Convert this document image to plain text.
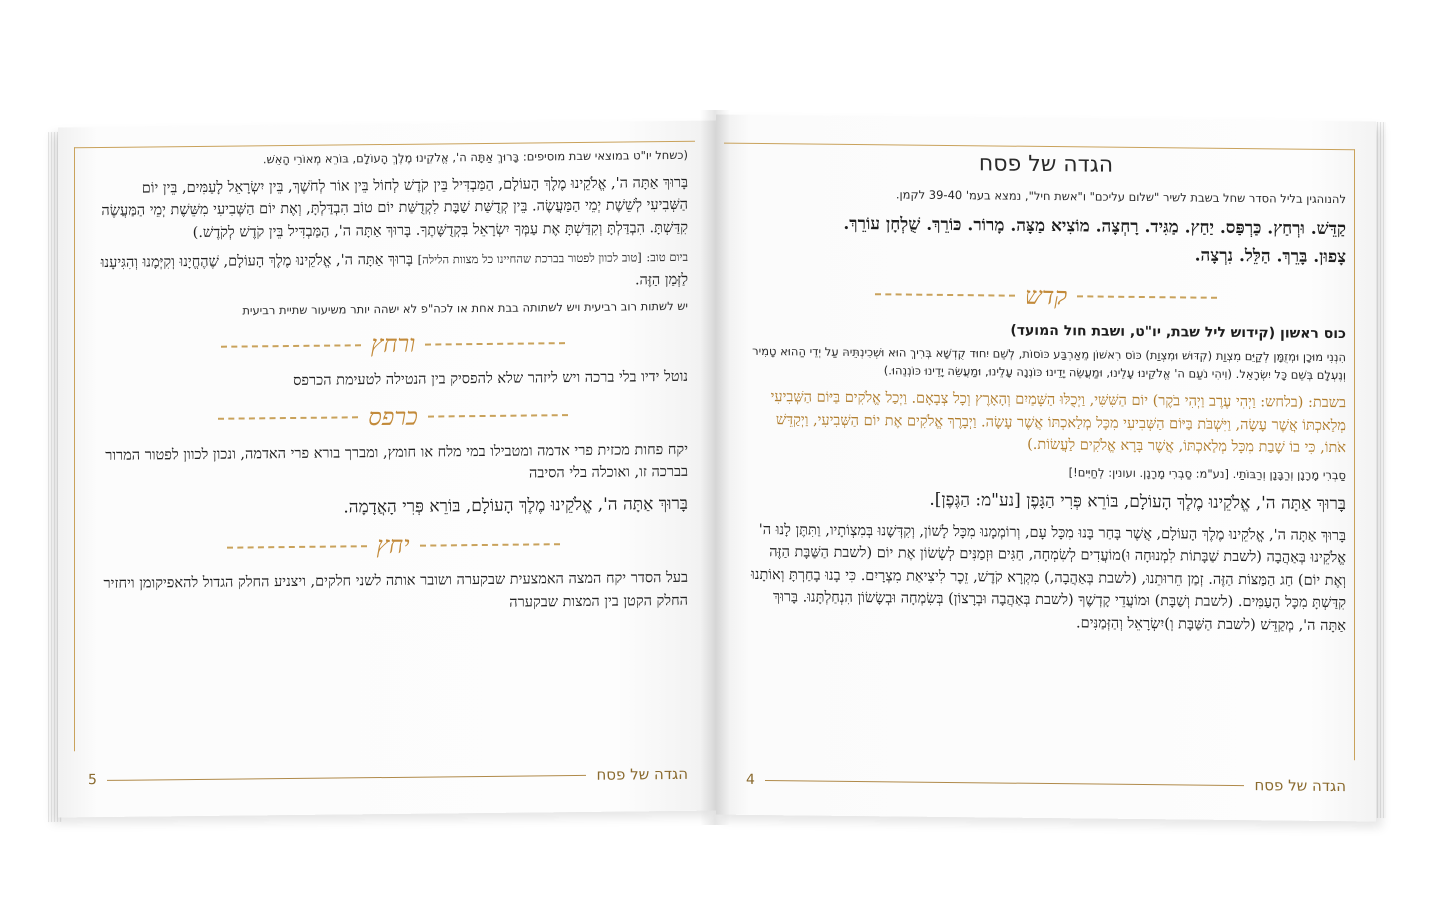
(כשחל יו"ט במוצאי שבת מוסיפים: בָּרוּךְ אַתָּה ה', אֱלֹקֵינוּ מֶלֶךְ הָעוֹלָם, בּוֹרֵא מְאוֹרֵי הָאֵשׁ.

בָּרוּךְ אַתָּה ה', אֱלֹקֵינוּ מֶלֶךְ הָעוֹלָם, הַמַּבְדִּיל בֵּין קֹדֶשׁ לְחוֹל בֵּין אוֹר לְחֹשֶׁךְ, בֵּין יִשְׂרָאֵל לָעַמִּים, בֵּין יוֹם הַשְּׁבִיעִי לְשֵׁשֶׁת יְמֵי הַמַּעֲשֶׂה. בֵּין קְדֻשַּׁת שַׁבָּת לִקְדֻשַּׁת יוֹם טוֹב הִבְדַּלְתָּ, וְאֶת יוֹם הַשְּׁבִיעִי מִשֵּׁשֶׁת יְמֵי הַמַּעֲשֶׂה קִדַּשְׁתָּ. הִבְדַּלְתָּ וְקִדַּשְׁתָּ אֶת עַמְּךָ יִשְׂרָאֵל בִּקְדֻשָּׁתֶךָ. בָּרוּךְ אַתָּה ה', הַמַּבְדִּיל בֵּין קֹדֶשׁ לְקֹדֶשׁ.)

ביום טוב: [טוב לכוון לפטור בברכת שהחיינו כל מצוות הלילה] בָּרוּךְ אַתָּה ה', אֱלֹקֵינוּ מֶלֶךְ הָעוֹלָם, שֶׁהֶחֱיָנוּ וְקִיְּמָנוּ וְהִגִּיעָנוּ לַזְּמַן הַזֶּה.

יש לשתות רוב רביעית ויש לשתותה בבת אחת או לכה"פ לא ישהה יותר משיעור שתיית רביעית

ורחץ

נוטל ידיו בלי ברכה ויש ליזהר שלא להפסיק בין הנטילה לטעימת הכרפס

כרפס

יקח פחות מכזית פרי אדמה ומטבילו במי מלח או חומץ, ומברך בורא פרי האדמה, ונכון לכוון לפטור המרור בברכה זו, ואוכלה בלי הסיבה

בָּרוּךְ אַתָּה ה', אֱלֹקֵינוּ מֶלֶךְ הָעוֹלָם, בּוֹרֵא פְּרִי הָאֲדָמָה.

יחץ

בעל הסדר יקח המצה האמצעית שבקערה ושובר אותה לשני חלקים, ויצניע החלק הגדול להאפיקומן ויחזיר החלק הקטן בין המצות שבקערה

הגדה של פסח
5

הגדה של פסח

להנוהגין בליל הסדר שחל בשבת לשיר "שלום עליכם" ו"אשת חיל", נמצא בעמ' 39-40 לקמן.

קַדֵּשׁ. וּרְחַץ. כַּרְפַּס. יַחַץ. מַגִּיד. רָחְצָה. מוֹצִיא מַצָּה. מָרוֹר. כּוֹרֵךְ. שֻׁלְחָן עוֹרֵךְ.

צָפוּן. בָּרֵךְ. הַלֵּל. נִרְצָה.

קדש

כוס ראשון (קידוש ליל שבת, יו"ט, ושבת חול המועד)

הִנְנִי מוּכָן וּמְזֻמָּן לְקַיֵּם מִצְוַת (קִדּוּשׁ וּמִצְוַת) כּוֹס רִאשׁוֹן מֵאַרְבַּע כּוֹסוֹת, לְשֵׁם יִחוּד קֻדְשָׁא בְּרִיךְ הוּא וּשְׁכִינְתֵּיהּ עַל יְדֵי הַהוּא טָמִיר וְנֶעְלָם בְּשֵׁם כָּל יִשְׂרָאֵל. (וִיהִי נֹעַם ה' אֱלֹקֵינוּ עָלֵינוּ, וּמַעֲשֵׂה יָדֵינוּ כּוֹנְנָה עָלֵינוּ, וּמַעֲשֵׂה יָדֵינוּ כּוֹנְנֵהוּ.)

בשבת: (בלחש: וַיְהִי עֶרֶב וַיְהִי בֹקֶר) יוֹם הַשִּׁשִּׁי, וַיְכֻלּוּ הַשָּׁמַיִם וְהָאָרֶץ וְכָל צְבָאָם. וַיְכַל אֱלֹקִים בַּיּוֹם הַשְּׁבִיעִי מְלַאכְתּוֹ אֲשֶׁר עָשָׂה, וַיִּשְׁבֹּת בַּיּוֹם הַשְּׁבִיעִי מִכָּל מְלַאכְתּוֹ אֲשֶׁר עָשָׂה. וַיְבָרֶךְ אֱלֹקִים אֶת יוֹם הַשְּׁבִיעִי, וַיְקַדֵּשׁ אֹתוֹ, כִּי בוֹ שָׁבַת מִכָּל מְלַאכְתּוֹ, אֲשֶׁר בָּרָא אֱלֹקִים לַעֲשׂוֹת.)

סַבְרִי מָרָנָן וְרַבָּנָן וְרַבּוֹתַי. [נע"מ: סַבְרִי מָרָנָן. ועונין: לְחַיִּים!]

בָּרוּךְ אַתָּה ה', אֱלֹקֵינוּ מֶלֶךְ הָעוֹלָם, בּוֹרֵא פְּרִי הַגָּפֶן [נע"מ: הַגֶּפֶן].

בָּרוּךְ אַתָּה ה', אֱלֹקֵינוּ מֶלֶךְ הָעוֹלָם, אֲשֶׁר בָּחַר בָּנוּ מִכָּל עָם, וְרוֹמְמָנוּ מִכָּל לָשׁוֹן, וְקִדְּשָׁנוּ בְּמִצְוֹתָיו, וַתִּתֶּן לָנוּ ה' אֱלֹקֵינוּ בְּאַהֲבָה (לשבת שַׁבָּתוֹת לִמְנוּחָה וּ)מוֹעֲדִים לְשִׂמְחָה, חַגִּים וּזְמַנִּים לְשָׂשׂוֹן אֶת יוֹם (לשבת הַשַּׁבָּת הַזֶּה וְאֶת יוֹם) חַג הַמַּצּוֹת הַזֶּה. זְמַן חֵרוּתֵנוּ, (לשבת בְּאַהֲבָה,) מִקְרָא קֹדֶשׁ, זֵכֶר לִיצִיאַת מִצְרָיִם. כִּי בָנוּ בָחַרְתָּ וְאוֹתָנוּ קִדַּשְׁתָּ מִכָּל הָעַמִּים. (לשבת וְשַׁבָּת) וּמוֹעֲדֵי קָדְשֶׁךָ (לשבת בְּאַהֲבָה וּבְרָצוֹן) בְּשִׂמְחָה וּבְשָׂשׂוֹן הִנְחַלְתָּנוּ. בָּרוּךְ אַתָּה ה', מְקַדֵּשׁ (לשבת הַשַּׁבָּת וְ)יִשְׂרָאֵל וְהַזְּמַנִּים.

הגדה של פסח
4
